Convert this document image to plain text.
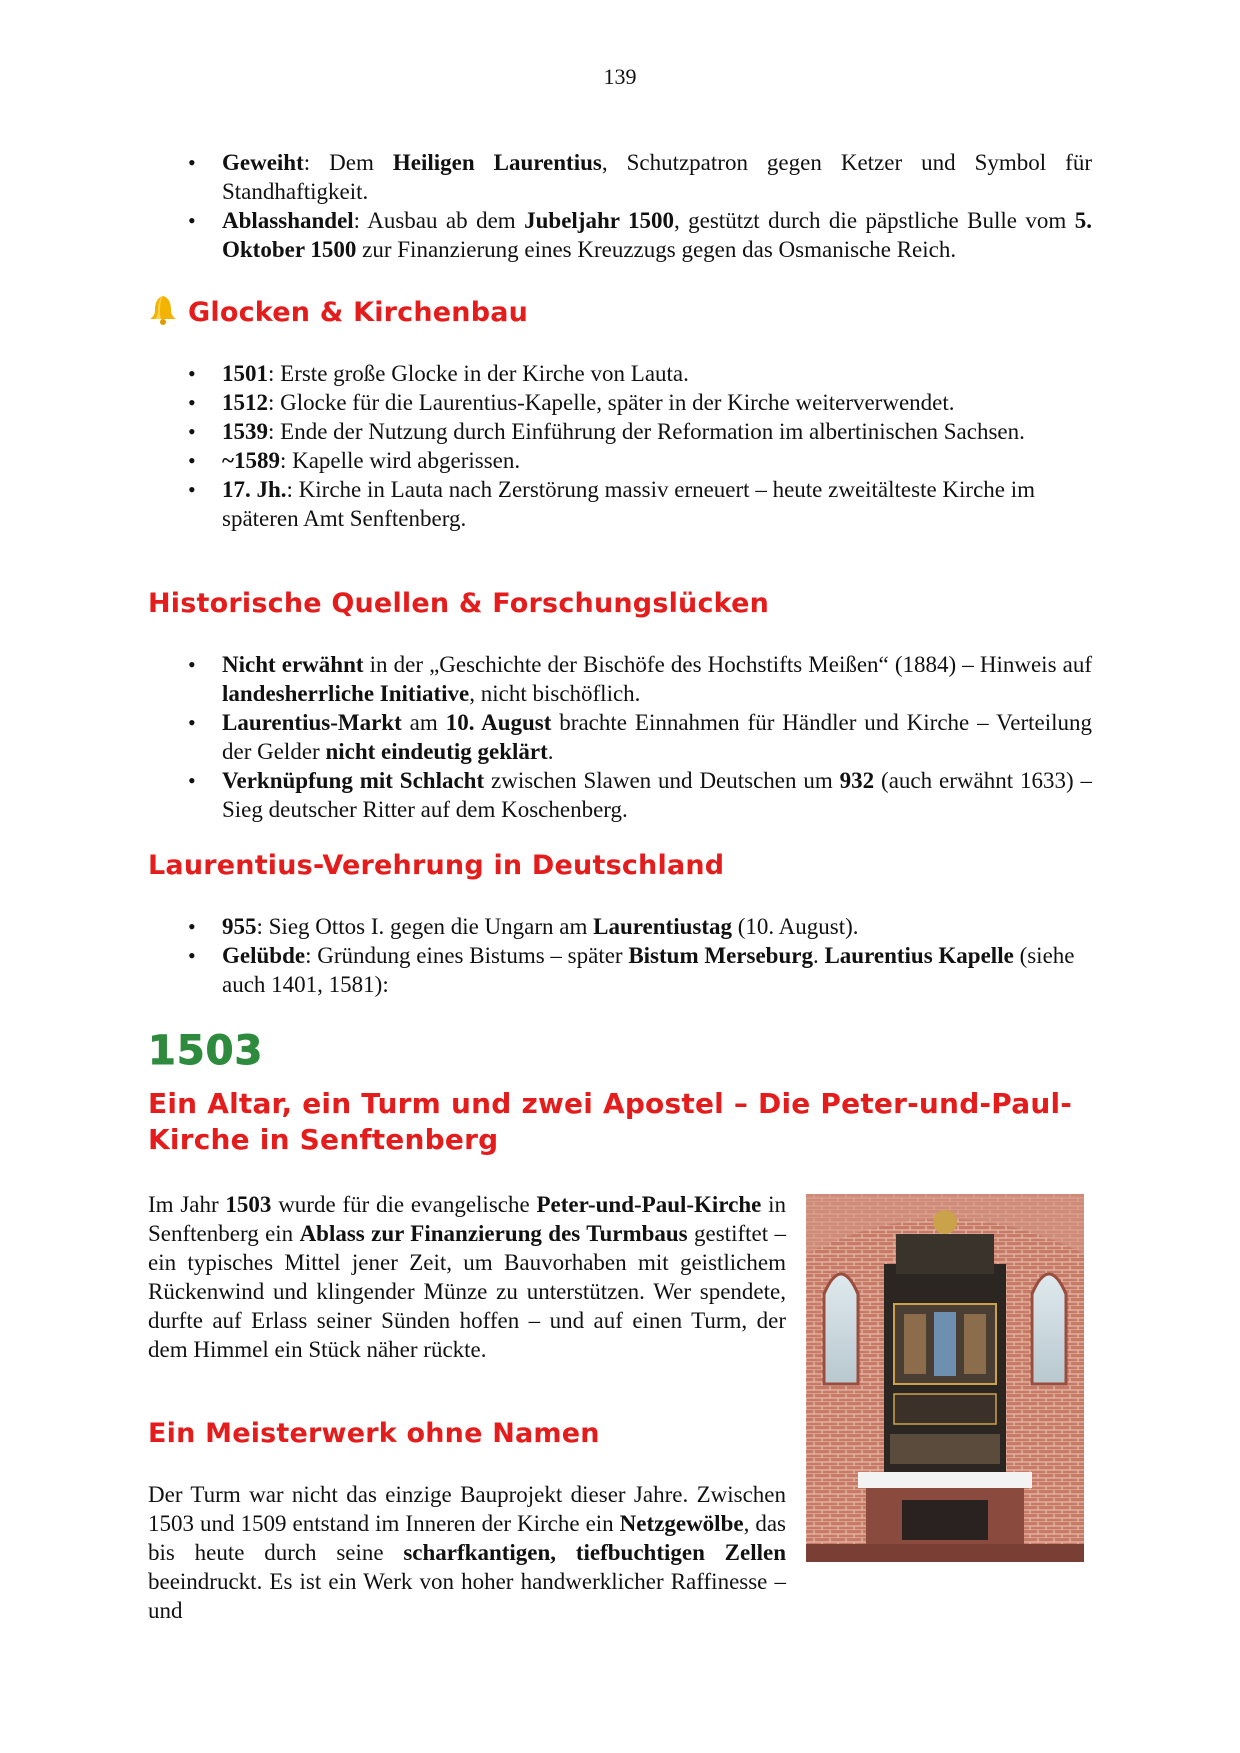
139
• Geweiht: Dem Heiligen Laurentius, Schutzpatron gegen Ketzer und Symbol für Standhaftigkeit.
• Ablasshandel: Ausbau ab dem Jubeljahr 1500, gestützt durch die päpstliche Bulle vom 5. Oktober 1500 zur Finanzierung eines Kreuzzugs gegen das Osmanische Reich.
Glocken & Kirchenbau
• 1501: Erste große Glocke in der Kirche von Lauta.
• 1512: Glocke für die Laurentius-Kapelle, später in der Kirche weiterverwendet.
• 1539: Ende der Nutzung durch Einführung der Reformation im albertinischen Sachsen.
• ~1589: Kapelle wird abgerissen.
• 17. Jh.: Kirche in Lauta nach Zerstörung massiv erneuert – heute zweitälteste Kirche im späteren Amt Senftenberg.
Historische Quellen & Forschungslücken
• Nicht erwähnt in der „Geschichte der Bischöfe des Hochstifts Meißen“ (1884) – Hinweis auf landesherrliche Initiative, nicht bischöflich.
• Laurentius-Markt am 10. August brachte Einnahmen für Händler und Kirche – Verteilung der Gelder nicht eindeutig geklärt.
• Verknüpfung mit Schlacht zwischen Slawen und Deutschen um 932 (auch erwähnt 1633) – Sieg deutscher Ritter auf dem Koschenberg.
Laurentius-Verehrung in Deutschland
• 955: Sieg Ottos I. gegen die Ungarn am Laurentiustag (10. August).
• Gelübde: Gründung eines Bistums – später Bistum Merseburg. Laurentius Kapelle (siehe auch 1401, 1581):
1503
Ein Altar, ein Turm und zwei Apostel – Die Peter-und-Paul-Kirche in Senftenberg

Im Jahr 1503 wurde für die evangelische Peter-und-Paul-Kirche in Senftenberg ein Ablass zur Finanzierung des Turmbaus gestiftet – ein typisches Mittel jener Zeit, um Bauvorhaben mit geistlichem Rückenwind und klingender Münze zu unterstützen. Wer spendete, durfte auf Erlass seiner Sünden hoffen – und auf einen Turm, der dem Himmel ein Stück näher rückte.

Ein Meisterwerk ohne Namen

Der Turm war nicht das einzige Bauprojekt dieser Jahre. Zwischen 1503 und 1509 entstand im Inneren der Kirche ein Netzgewölbe, das bis heute durch seine scharfkantigen, tiefbuchtigen Zellen beeindruckt. Es ist ein Werk von hoher handwerklicher Raffinesse – und
